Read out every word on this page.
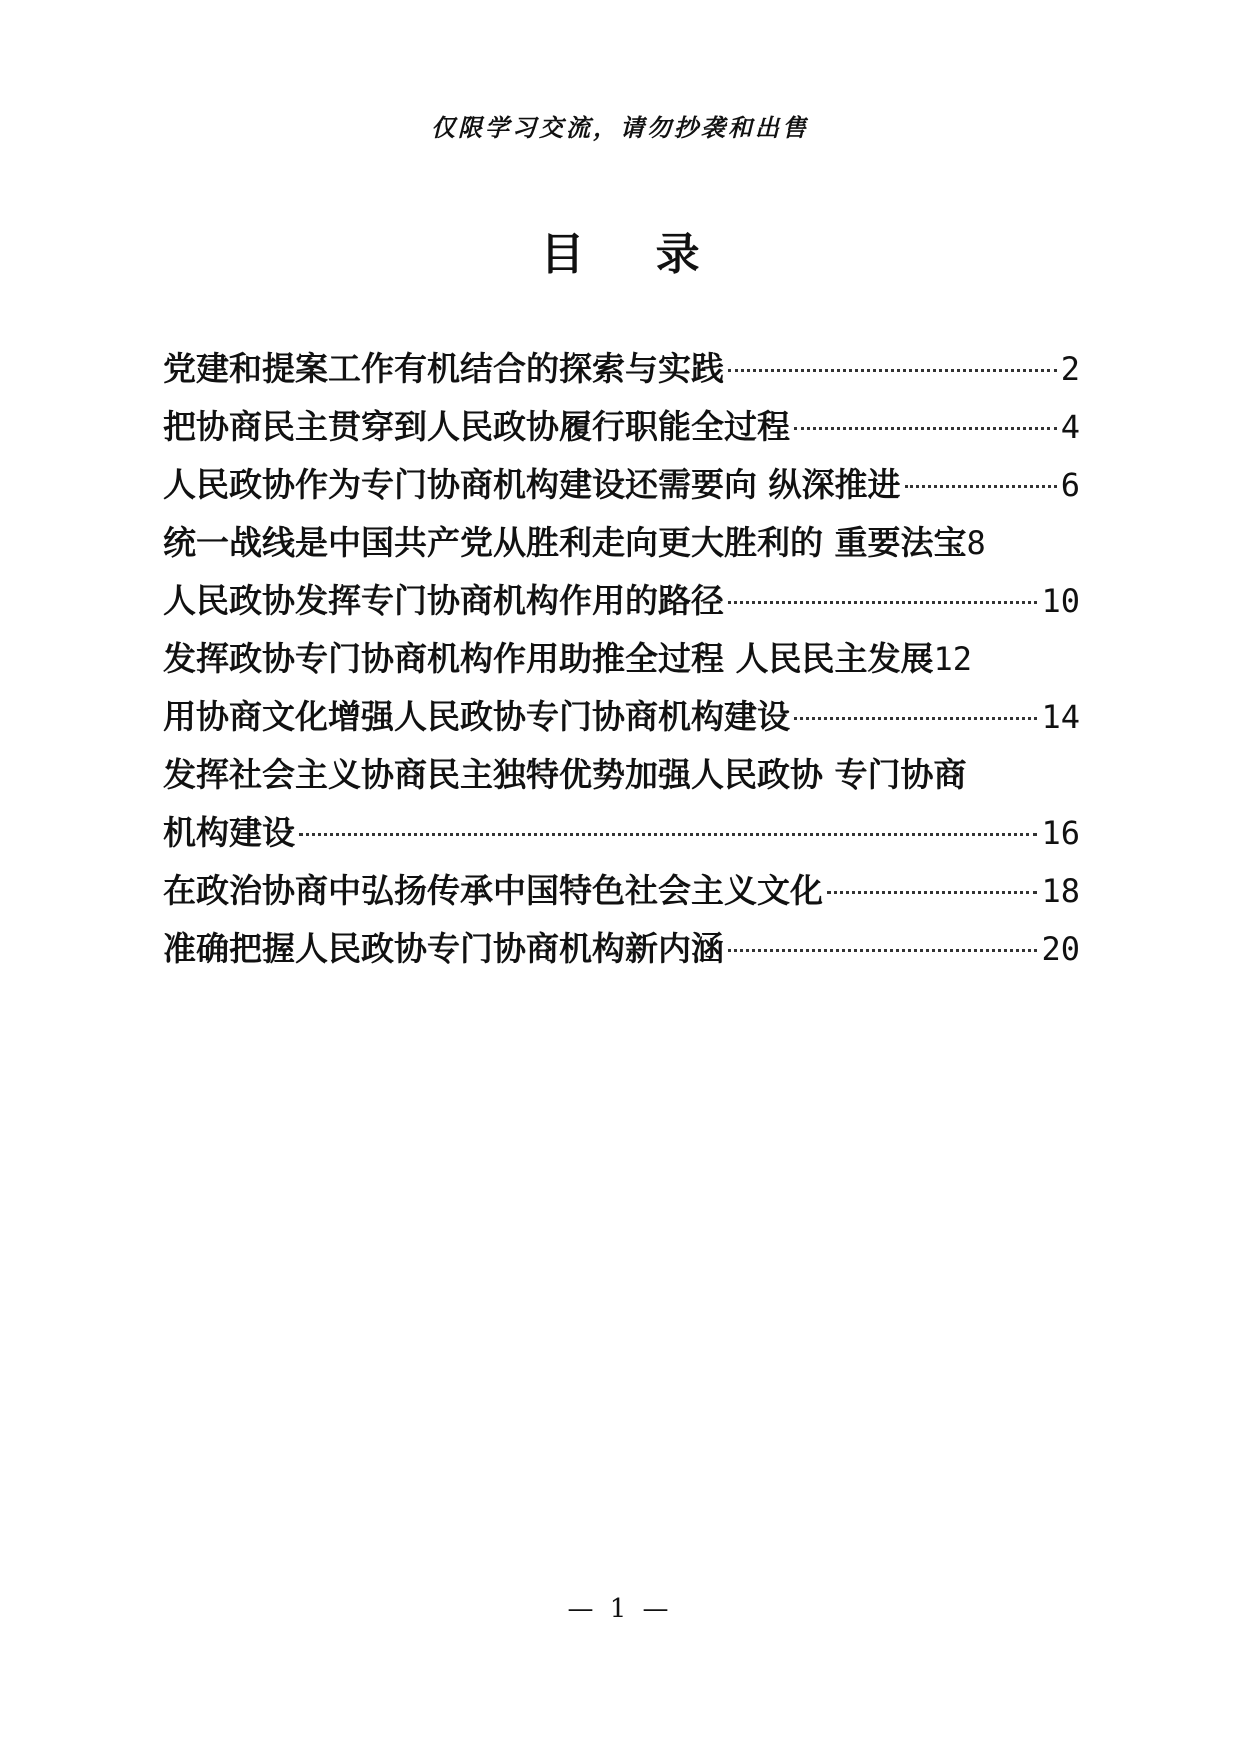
仅限学习交流，请勿抄袭和出售
目 录
党建和提案工作有机结合的探索与实践	2
把协商民主贯穿到人民政协履行职能全过程	4
人民政协作为专门协商机构建设还需要向 纵深推进	6
统一战线是中国共产党从胜利走向更大胜利的 重要法宝 8
人民政协发挥专门协商机构作用的路径	10
发挥政协专门协商机构作用助推全过程 人民民主发展 12
用协商文化增强人民政协专门协商机构建设	14
发挥社会主义协商民主独特优势加强人民政协 专门协商
机构建设	16
在政治协商中弘扬传承中国特色社会主义文化	18
准确把握人民政协专门协商机构新内涵	20
— 1 —
